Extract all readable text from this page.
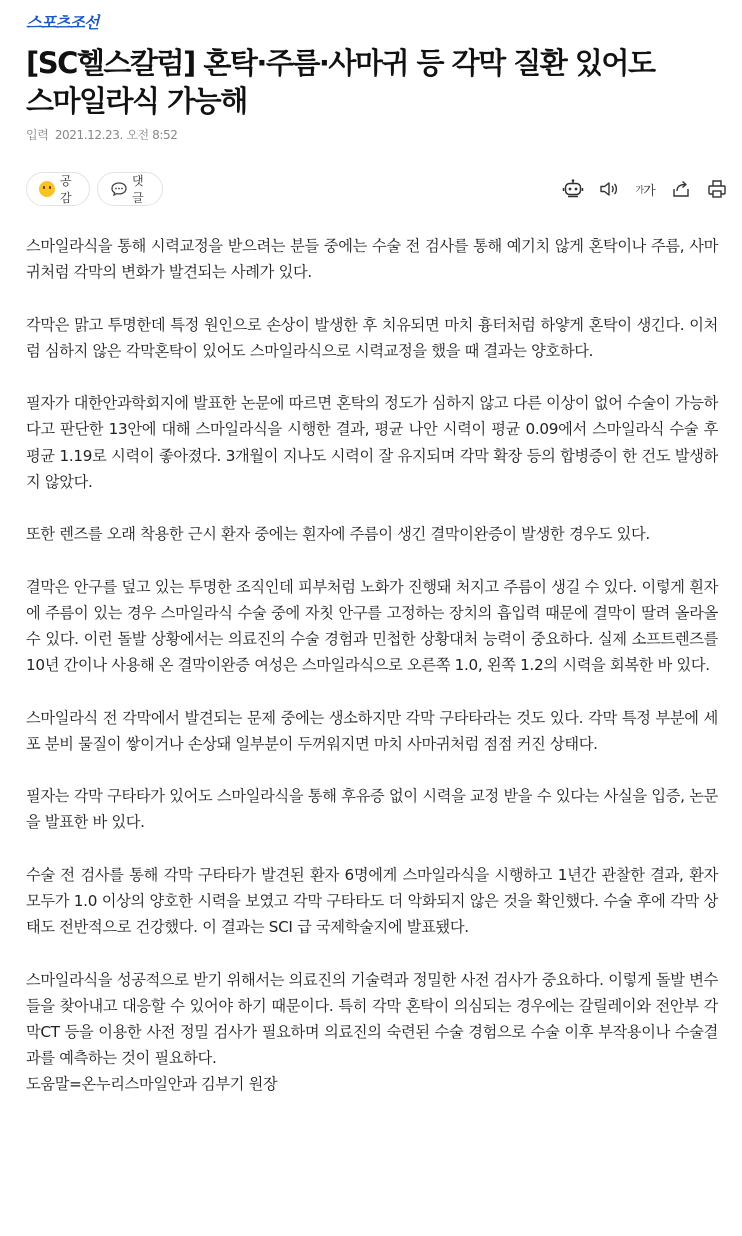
스포츠조선
[SC헬스칼럼] 혼탁·주름·사마귀 등 각막 질환 있어도 스마일라식 가능해
입력 2021.12.23. 오전 8:52
공감
댓글
가 가

스마일라식을 통해 시력교정을 받으려는 분들 중에는 수술 전 검사를 통해 예기치 않게 혼탁이나 주름, 사마귀처럼 각막의 변화가 발견되는 사례가 있다.

각막은 맑고 투명한데 특정 원인으로 손상이 발생한 후 치유되면 마치 흉터처럼 하얗게 혼탁이 생긴다. 이처럼 심하지 않은 각막혼탁이 있어도 스마일라식으로 시력교정을 했을 때 결과는 양호하다.

필자가 대한안과학회지에 발표한 논문에 따르면 혼탁의 정도가 심하지 않고 다른 이상이 없어 수술이 가능하다고 판단한 13안에 대해 스마일라식을 시행한 결과, 평균 나안 시력이 평균 0.09에서 스마일라식 수술 후 평균 1.19로 시력이 좋아졌다. 3개월이 지나도 시력이 잘 유지되며 각막 확장 등의 합병증이 한 건도 발생하지 않았다.

또한 렌즈를 오래 착용한 근시 환자 중에는 흰자에 주름이 생긴 결막이완증이 발생한 경우도 있다.

결막은 안구를 덮고 있는 투명한 조직인데 피부처럼 노화가 진행돼 처지고 주름이 생길 수 있다. 이렇게 흰자에 주름이 있는 경우 스마일라식 수술 중에 자칫 안구를 고정하는 장치의 흡입력 때문에 결막이 딸려 올라올 수 있다. 이런 돌발 상황에서는 의료진의 수술 경험과 민첩한 상황대처 능력이 중요하다. 실제 소프트렌즈를 10년 간이나 사용해 온 결막이완증 여성은 스마일라식으로 오른쪽 1.0, 왼쪽 1.2의 시력을 회복한 바 있다.

스마일라식 전 각막에서 발견되는 문제 중에는 생소하지만 각막 구타타라는 것도 있다. 각막 특정 부분에 세포 분비 물질이 쌓이거나 손상돼 일부분이 두꺼워지면 마치 사마귀처럼 점점 커진 상태다.

필자는 각막 구타타가 있어도 스마일라식을 통해 후유증 없이 시력을 교정 받을 수 있다는 사실을 입증, 논문을 발표한 바 있다.

수술 전 검사를 통해 각막 구타타가 발견된 환자 6명에게 스마일라식을 시행하고 1년간 관찰한 결과, 환자 모두가 1.0 이상의 양호한 시력을 보였고 각막 구타타도 더 악화되지 않은 것을 확인했다. 수술 후에 각막 상태도 전반적으로 건강했다. 이 결과는 SCI 급 국제학술지에 발표됐다.

스마일라식을 성공적으로 받기 위해서는 의료진의 기술력과 정밀한 사전 검사가 중요하다. 이렇게 돌발 변수들을 찾아내고 대응할 수 있어야 하기 때문이다. 특히 각막 혼탁이 의심되는 경우에는 갈릴레이와 전안부 각막CT 등을 이용한 사전 정밀 검사가 필요하며 의료진의 숙련된 수술 경험으로 수술 이후 부작용이나 수술결과를 예측하는 것이 필요하다.

도움말=온누리스마일안과 김부기 원장
